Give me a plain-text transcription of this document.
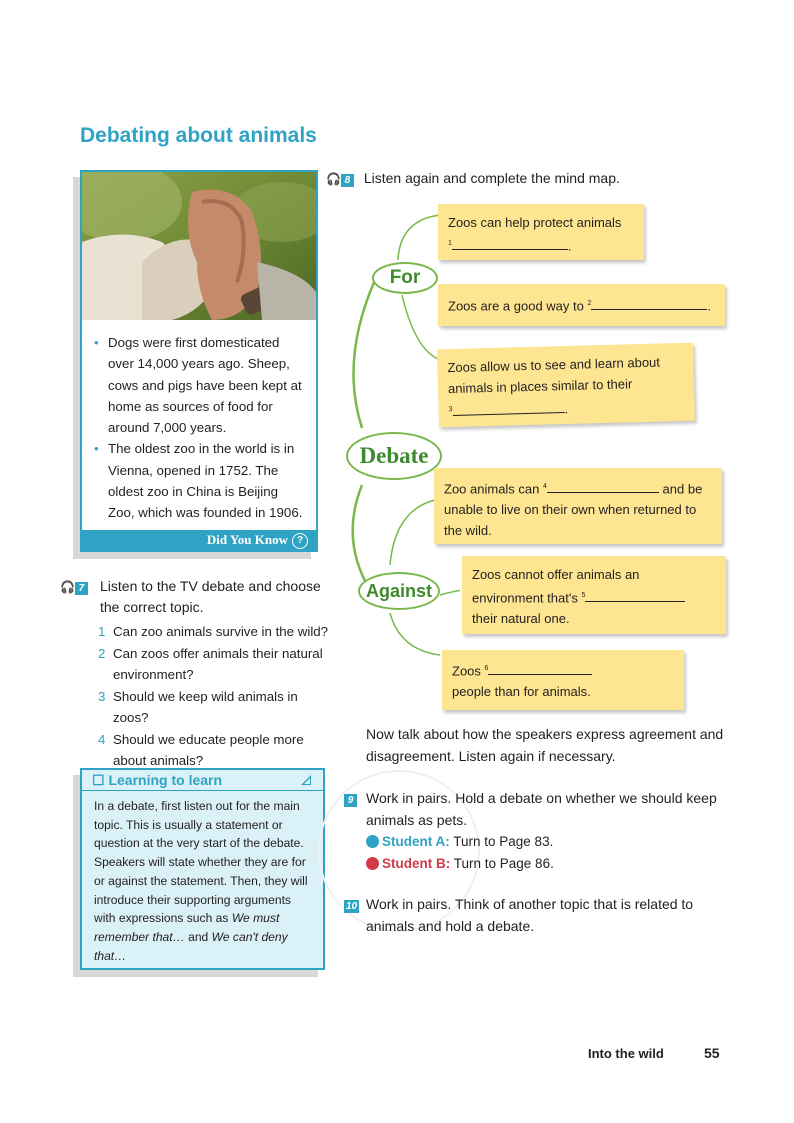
Debating about animals
• Dogs were first domesticated over 14,000 years ago. Sheep, cows and pigs have been kept at home as sources of food for around 7,000 years.
• The oldest zoo in the world is in Vienna, opened in 1752. The oldest zoo in China is Beijing Zoo, which was founded in 1906.
Did You Know ?
🎧 7	Listen to the TV debate and choose the correct topic.
1 Can zoo animals survive in the wild?
2 Can zoos offer animals their natural environment?
3 Should we keep wild animals in zoos?
4 Should we educate people more about animals?
☐ Learning to learn
In a debate, first listen out for the main topic. This is usually a statement or question at the very start of the debate. Speakers will state whether they are for or against the statement. Then, they will introduce their supporting arguments with expressions such as We must remember that… and We can't deny that…
🎧 8 Listen again and complete the mind map.
For
Debate
Against
Zoos can help protect animals
$^1$	.
Zoos are a good way to $^2$	.
Zoos allow us to see and learn about animals in places similar to their
$^3$	.
Zoo animals can $^4$	and be unable to live on their own when returned to the wild.
Zoos cannot offer animals an environment that's $^5$ their natural one.
Zoos $^6$ people than for animals.
Now talk about how the speakers express agreement and disagreement. Listen again if necessary.
9 Work in pairs. Hold a debate on whether we should keep animals as pets.
Student A: Turn to Page 83.
Student B: Turn to Page 86.
10 Work in pairs. Think of another topic that is related to animals and hold a debate.
Into the wild	55
